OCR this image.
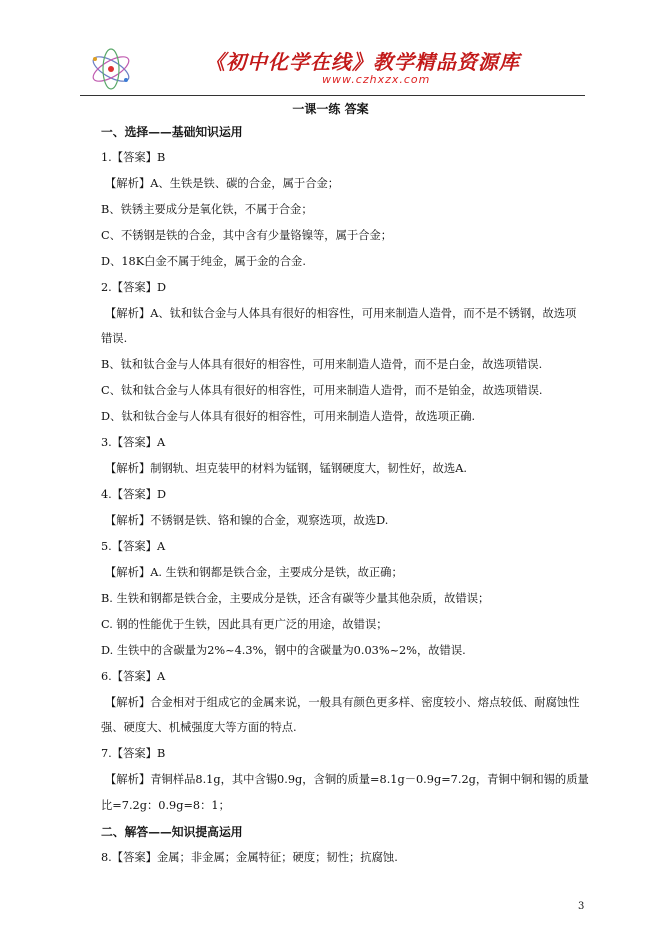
《初中化学在线》教学精品资源库
www.czhxzx.com
一课一练 答案
一、选择——基础知识运用
1.【答案】B
【解析】A、生铁是铁、碳的合金，属于合金；
B、铁锈主要成分是氧化铁，不属于合金；
C、不锈钢是铁的合金，其中含有少量铬镍等，属于合金；
D、18K白金不属于纯金，属于金的合金.
2.【答案】D
【解析】A、钛和钛合金与人体具有很好的相容性，可用来制造人造骨，而不是不锈钢，故选项
错误.
B、钛和钛合金与人体具有很好的相容性，可用来制造人造骨，而不是白金，故选项错误.
C、钛和钛合金与人体具有很好的相容性，可用来制造人造骨，而不是铂金，故选项错误.
D、钛和钛合金与人体具有很好的相容性，可用来制造人造骨，故选项正确.
3.【答案】A
【解析】制钢轨、坦克装甲的材料为锰钢，锰钢硬度大，韧性好，故选A.
4.【答案】D
【解析】不锈钢是铁、铬和镍的合金，观察选项，故选D.
5.【答案】A
【解析】A. 生铁和钢都是铁合金，主要成分是铁，故正确；
B. 生铁和钢都是铁合金，主要成分是铁，还含有碳等少量其他杂质，故错误；
C. 钢的性能优于生铁，因此具有更广泛的用途，故错误；
D. 生铁中的含碳量为2%~4.3%，钢中的含碳量为0.03%~2%，故错误.
6.【答案】A
【解析】合金相对于组成它的金属来说，一般具有颜色更多样、密度较小、熔点较低、耐腐蚀性
强、硬度大、机械强度大等方面的特点.
7.【答案】B
【解析】青铜样品8.1g，其中含锡0.9g，含铜的质量=8.1g－0.9g=7.2g，青铜中铜和锡的质量
比=7.2g：0.9g=8：1；
二、解答——知识提高运用
8.【答案】金属；非金属；金属特征；硬度；韧性；抗腐蚀.
3
